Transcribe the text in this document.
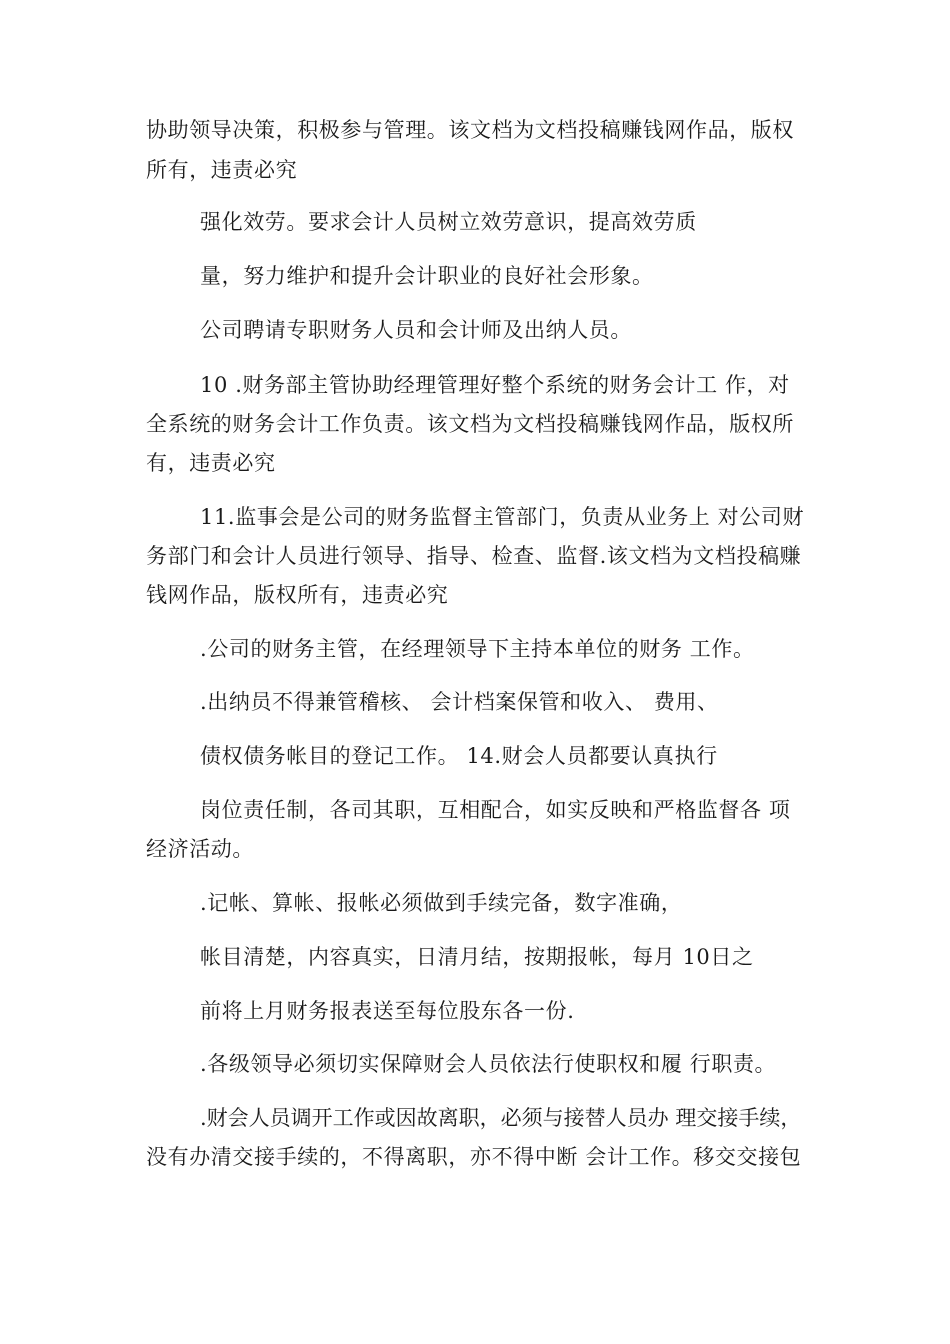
协助领导决策，积极参与管理。该文档为文档投稿赚钱网作品，版权
所有，违责必究
强化效劳。要求会计人员树立效劳意识，提高效劳质
量，努力维护和提升会计职业的良好社会形象。
公司聘请专职财务人员和会计师及出纳人员。
10 .财务部主管协助经理管理好整个系统的财务会计工 作，对
全系统的财务会计工作负责。该文档为文档投稿赚钱网作品，版权所
有，违责必究
11.监事会是公司的财务监督主管部门，负责从业务上 对公司财
务部门和会计人员进行领导、指导、检查、监督.该文档为文档投稿赚
钱网作品，版权所有，违责必究
.公司的财务主管，在经理领导下主持本单位的财务 工作。
.出纳员不得兼管稽核、 会计档案保管和收入、 费用、
债权债务帐目的登记工作。 14.财会人员都要认真执行
岗位责任制，各司其职，互相配合，如实反映和严格监督各 项
经济活动。
.记帐、算帐、报帐必须做到手续完备，数字准确，
帐目清楚，内容真实，日清月结，按期报帐，每月 10日之
前将上月财务报表送至每位股东各一份.
.各级领导必须切实保障财会人员依法行使职权和履 行职责。
.财会人员调开工作或因故离职，必须与接替人员办 理交接手续，
没有办清交接手续的，不得离职，亦不得中断 会计工作。移交交接包
